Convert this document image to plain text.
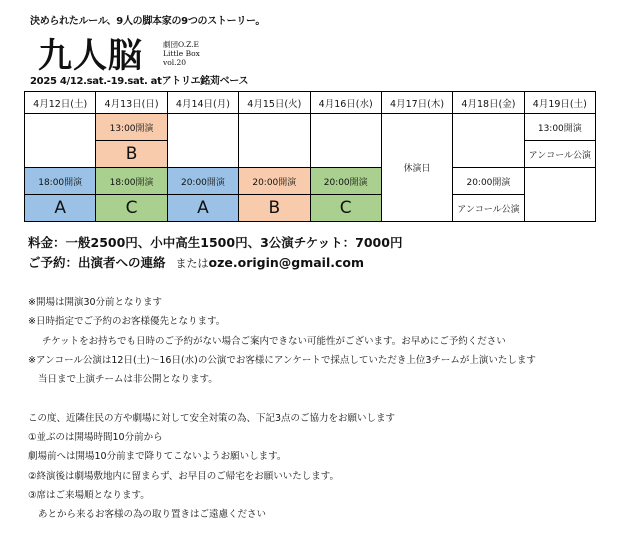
決められたルール、9人の脚本家の9つのストーリー。
九人脳	劇団O.Z.E
Little Box
vol.20
2025 4/12.sat.-19.sat. atアトリエ銘苅ベース
4月12日(土)	4月13日(日)	4月14日(月)	4月15日(火)	4月16日(水)	4月17日(木)	4月18日(金)	4月19日(土)
	13:00開演				休演日		13:00開演

	B						アンコール公演
18:00開演	18:00開演	20:00開演	20:00開演	20:00開演		20:00開演	

A	C	A	B	C		アンコール公演	
料金：一般2500円、小中高生1500円、3公演チケット：7000円
ご予約：出演者への連絡 またはoze.origin@gmail.com
※開場は開演30分前となります
※日時指定でご予約のお客様優先となります。
チケットをお持ちでも日時のご予約がない場合ご案内できない可能性がございます。お早めにご予約ください
※アンコール公演は12日(土)～16日(水)の公演でお客様にアンケートで採点していただき上位3チームが上演いたします
当日まで上演チームは非公開となります。
この度、近隣住民の方や劇場に対して安全対策の為、下記3点のご協力をお願いします
①並ぶのは開場時間10分前から
劇場前へは開場10分前まで降りてこないようお願いします。
②終演後は劇場敷地内に留まらず、お早目のご帰宅をお願いいたします。
③席はご来場順となります。
あとから来るお客様の為の取り置きはご遠慮ください
